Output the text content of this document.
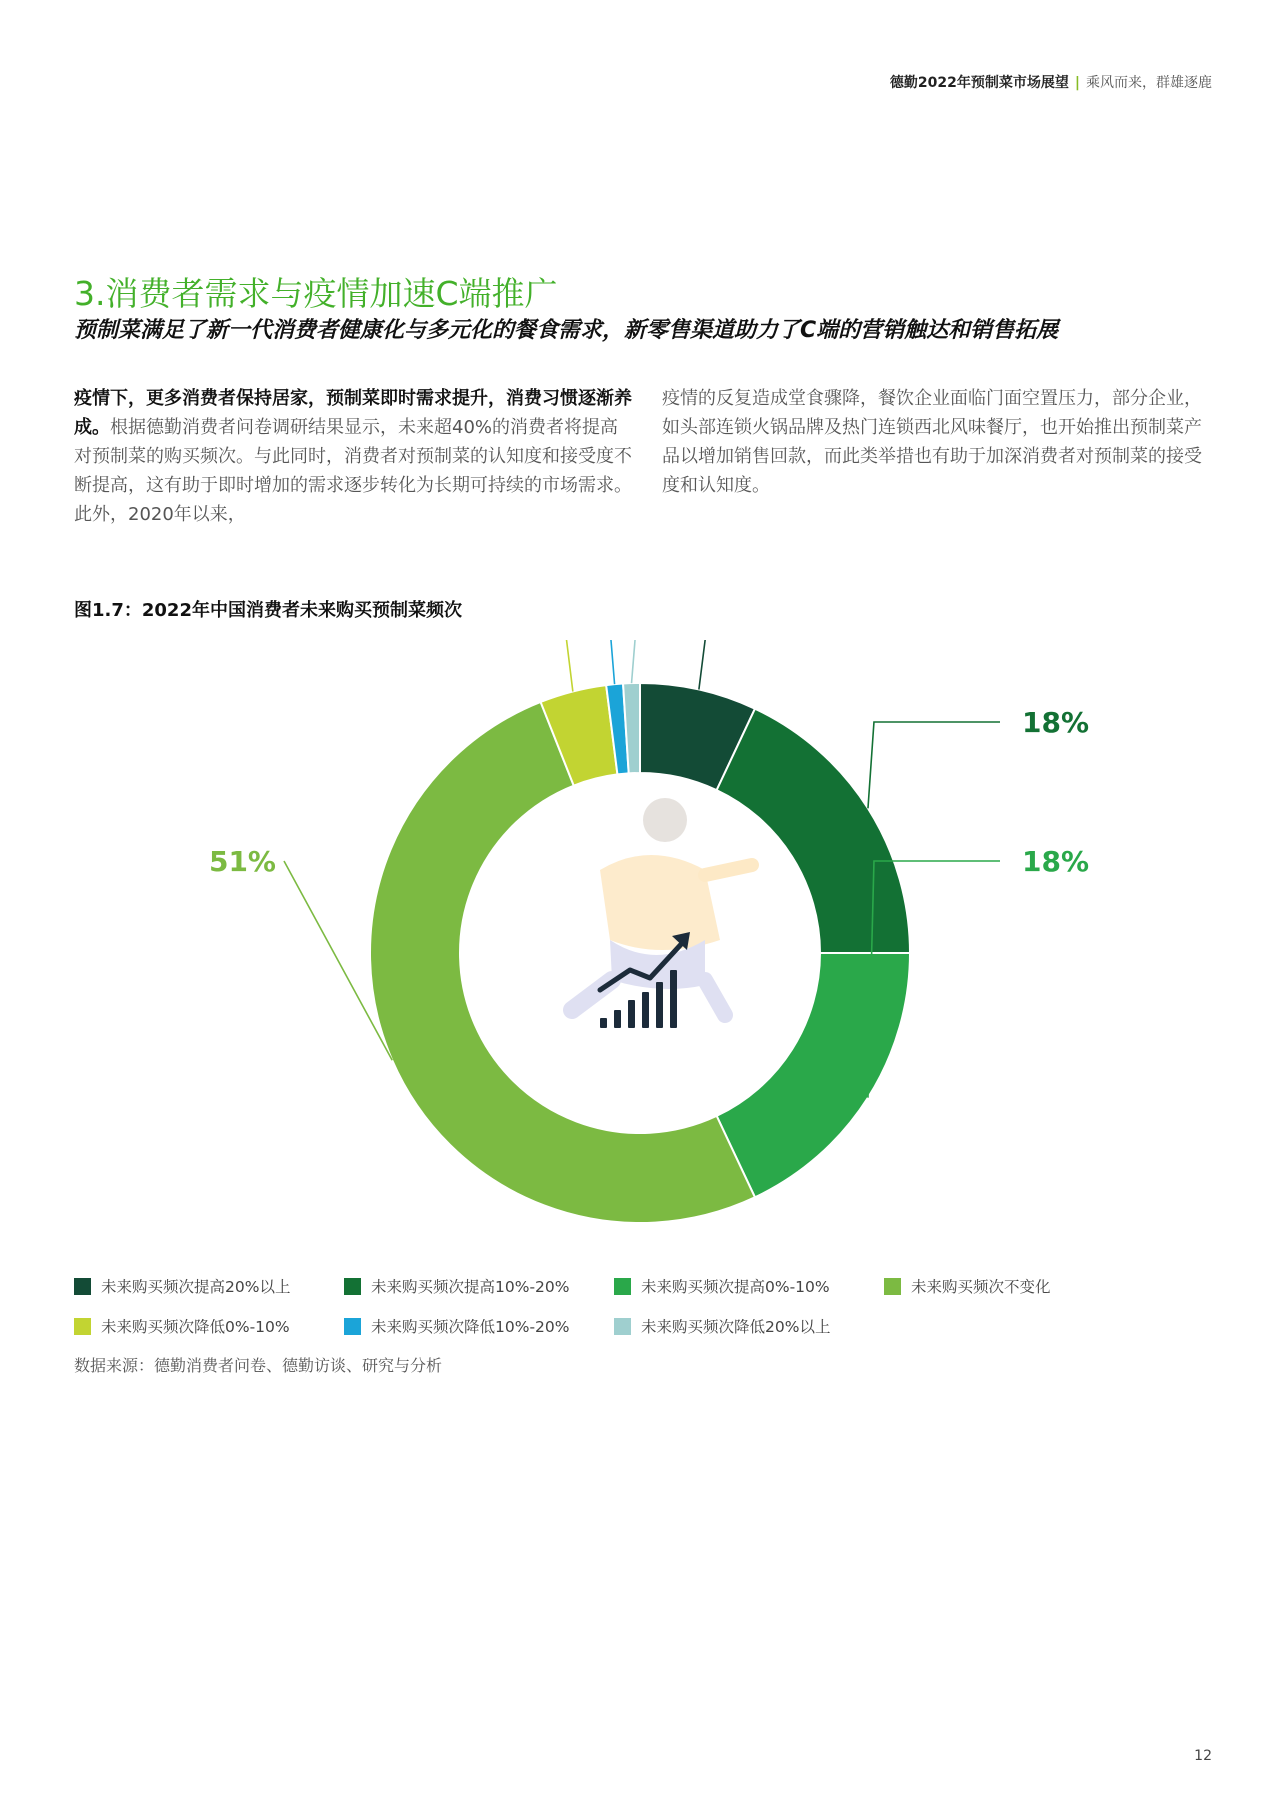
德勤2022年预制菜市场展望 | 乘风而来，群雄逐鹿
3.消费者需求与疫情加速C端推广
预制菜满足了新一代消费者健康化与多元化的餐食需求，新零售渠道助力了C端的营销触达和销售拓展
疫情下，更多消费者保持居家，预制菜即时需求提升，消费习惯逐渐养成。根据德勤消费者问卷调研结果显示，未来超40%的消费者将提高对预制菜的购买频次。与此同时，消费者对预制菜的认知度和接受度不断提高，这有助于即时增加的需求逐步转化为长期可持续的市场需求。此外，2020年以来，
疫情的反复造成堂食骤降，餐饮企业面临门面空置压力，部分企业，如头部连锁火锅品牌及热门连锁西北风味餐厅，也开始推出预制菜产品以增加销售回款，而此类举措也有助于加深消费者对预制菜的接受度和认知度。
图1.7：2022年中国消费者未来购买预制菜频次
18%
18%
51%
未来购买频次提高20%以上	未来购买频次提高10%-20%	未来购买频次提高0%-10%	未来购买频次不变化
未来购买频次降低0%-10%	未来购买频次降低10%-20%	未来购买频次降低20%以上
数据来源：德勤消费者问卷、德勤访谈、研究与分析
12
